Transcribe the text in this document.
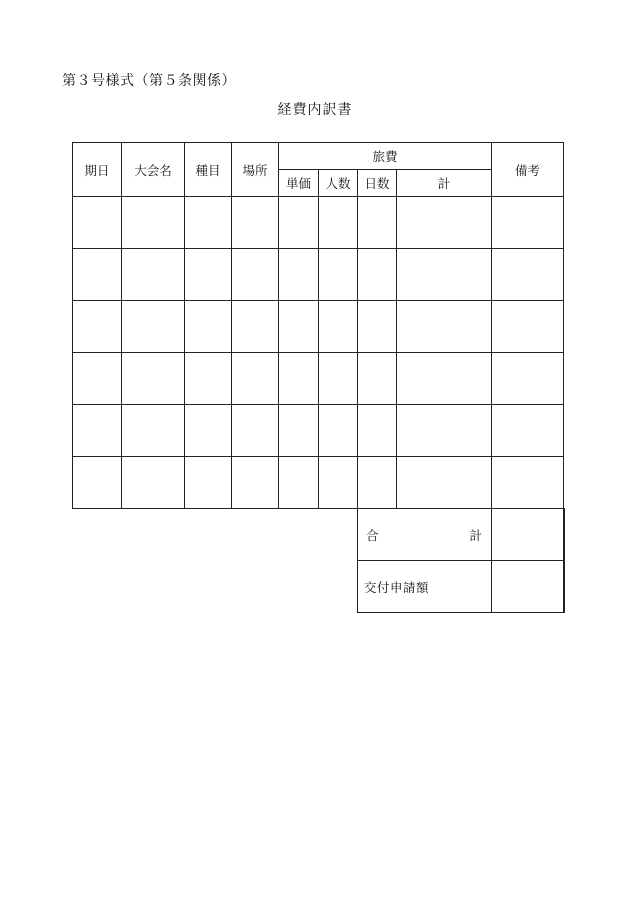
第３号様式（第５条関係）
経費内訳書
期日	大会名	種目	場所	旅費				備考	
				単価	人数	日数	計		

						合 計			

						交付申請額			
